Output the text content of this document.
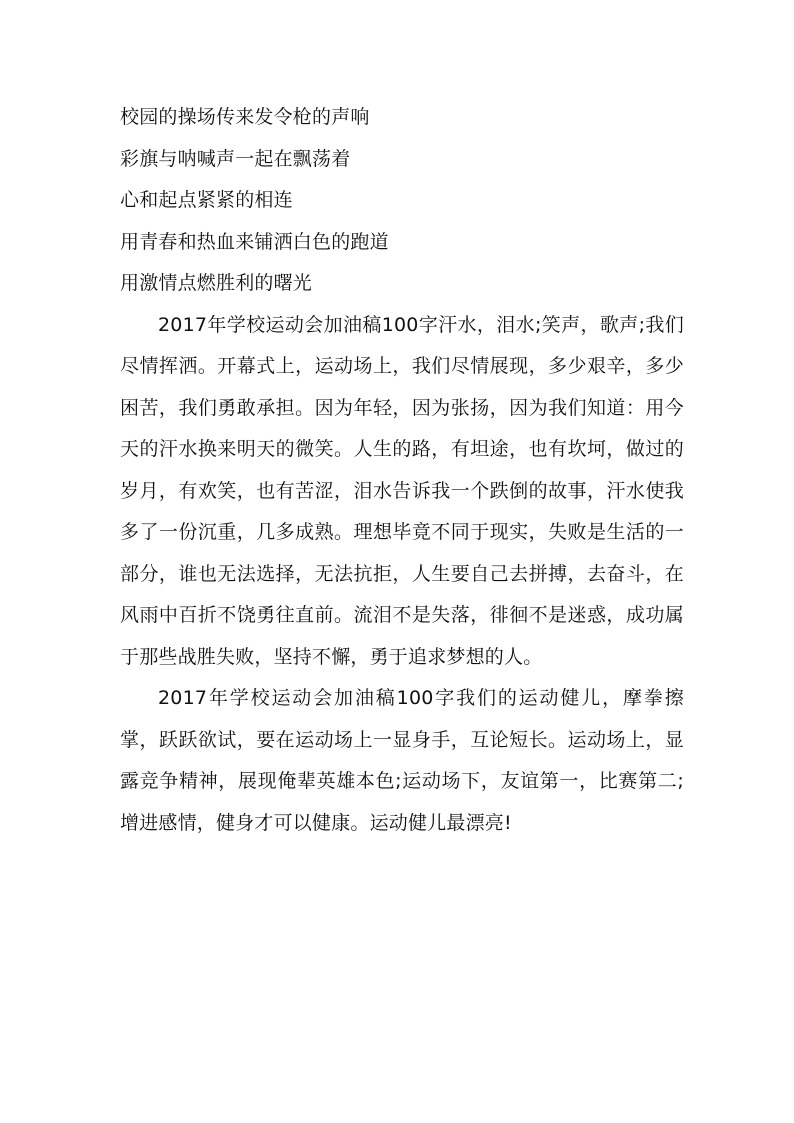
校园的操场传来发令枪的声响
彩旗与呐喊声一起在飘荡着
心和起点紧紧的相连
用青春和热血来铺洒白色的跑道
用激情点燃胜利的曙光

2017年学校运动会加油稿100字汗水，泪水;笑声，歌声;我们尽情挥洒。开幕式上，运动场上，我们尽情展现，多少艰辛，多少困苦，我们勇敢承担。因为年轻，因为张扬，因为我们知道：用今天的汗水换来明天的微笑。人生的路，有坦途，也有坎坷，做过的岁月，有欢笑，也有苦涩，泪水告诉我一个跌倒的故事，汗水使我多了一份沉重，几多成熟。理想毕竟不同于现实，失败是生活的一部分，谁也无法选择，无法抗拒，人生要自己去拼搏，去奋斗，在风雨中百折不饶勇往直前。流泪不是失落，徘徊不是迷惑，成功属于那些战胜失败，坚持不懈，勇于追求梦想的人。

2017年学校运动会加油稿100字我们的运动健儿，摩拳擦掌，跃跃欲试，要在运动场上一显身手，互论短长。运动场上，显露竞争精神，展现俺辈英雄本色;运动场下，友谊第一，比赛第二;增进感情，健身才可以健康。运动健儿最漂亮!
